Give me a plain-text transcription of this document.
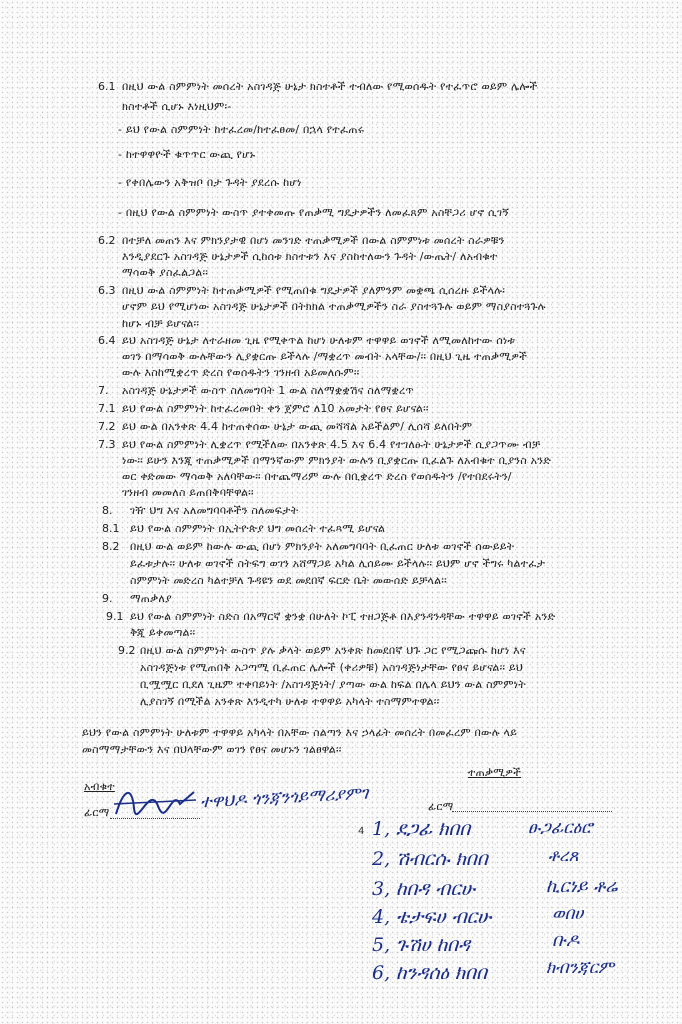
6.1 በዚህ ውል ስምምነት መሰረት አስገዳጅ ሁኔታ ክስተቶች ተብለው የሚወሰዱት የተፈጥሮ ወይም ሌሎች
ክስተቶች ሲሆኑ እነዚህም፡-
- ይህ የውል ስምምነት ከተፈረመ/ከተፈፀመ/ በኋላ የተፈጠሩ
- ከተዋዋዮች ቁጥጥር ውጪ የሆኑ
- የቀበሌውን አቅዝቦ በታ ጉዳት ያደረሱ ከሆነ
- በዚህ የውል ስምምነት ውስጥ ያተቀመጡ የጠቃሚ ግዴታዎችን ለመፈጸም አስቸጋሪ ሆኖ ሲገኝ
6.2 በተቻለ መጠን እና ምክንያታዊ በሆነ መንገድ ተጠቃሚዎች በውል ስምምነቱ መሰረት ስራዎቹን
እንዲያደርጉ አስገዳጅ ሁኔታዎች ሲከሰቱ ክስተቱን እና ያስከተለውን ጉዳት /ውጤት/ ለአብቁተ
ማሳወቅ ያስፈልጋል፡፡
6.3 በዚህ ውል ስምምነት ከተጠቃሚዎች የሚጠበቁ ግዴታዎች ያለምንም መቋጫ ሲሰረዙ ይችላሉ፡
ሆኖም ይህ የሚሆነው አስገዳጅ ሁኔታዎች በትክክል ተጠቃሚዎችን ስራ ያስተጓጉሉ ወይም ማስያስተጓጉሉ
ከሆኑ ብቻ ይሆናል፡፡
6.4 ይህ አስገዳጅ ሁኔታ ለተራዘመ ጊዜ የሚቀጥል ከሆነ ሁለቱም ተዋዋይ ወገኖች ለሚመለከተው ሰነቱ
ወገን በማሳወቅ ውሉቸውን ሊያቋርጡ ይችላሉ /ማቋረጥ መብት አላቸው/፡፡ በዚህ ጊዜ ተጠቃሚዎች
ውሉ እስከሚቋረጥ ድረስ የወሰዱትን ገንዘብ አይመለሱም፡፡
7. አስገዳጅ ሁኔታዎች ውስጥ ስለመግባት 1 ውል ስለማቋቋሽና ስለማቋረጥ
7.1 ይህ የውል ስምምነት ከተፈረመበት ቀን ጀምሮ ለ10 አመታት የፀና ይሆናል፡፡
7.2 ይህ ውል በአንቀጽ 4.4 ከተጠቀሰው ሁኔታ ውጪ መሻሻል አይችልም/ ሊሰሻ ይለበትም
7.3 ይህ የውል ስምምነት ሊቋረጥ የሚችለው በአንቀጽ 4.5 እና 6.4 የተገለፁት ሁኔታዎች ሲያጋጥሙ ብቻ
ነው፡፡ ይሁን እንጂ ተጠቃሚዎች በማንኛውም ምክንያት ውሉን ቢያቋርጡ ቢፈልጉ ለአብቁተ ቢያንስ አንድ
ወር ቀድመው ማሳወቅ አለባቸው፡፡ በተጨማሪም ውሉ በቢቋረጥ ድረስ የወሰዱትን /የተበደሩትን/
ገንዘብ መመለስ ይጠበቅባቸዋል፡፡
8. ገዥ ህግ እና አለመግባባቶችን ስለመፍታት
8.1 ይህ የውል ስምምነት በኢትዮጵያ ህግ መሰረት ተፈጻሚ ይሆናል
8.2 በዚህ ውል ወይም ከውሉ ውጪ በሆነ ምክንያት አለመግባባት ቢፈጠር ሁለቱ ወገኖች ሰውይይት
ይፈቱታሉ፡፡ ሁለቱ ወገኖች ስትፍግ ወገን አሸማጋይ አካል ሊሰይሙ ይችላሉ፡፡ ይህም ሆኖ ችግሩ ካልተፈታ
ስምምነት መድረስ ካልተቻለ ጉዳዩን ወደ መደበኛ ፍርድ ቤት መውሰድ ይቻላል፡፡
9. ማጠቃለያ
9.1 ይህ የውል ስምምነት ስድስ በአማርኛ ቋንቋ በሁለት ኮፒ ተዘጋጅቶ በእያንዳንዳቸው ተዋዋይ ወገኖች አንድ
ቅጂ ይቀመጣል፡፡
9.2 በዚህ ውል ስምምነት ውስጥ ያሉ ቃላት ወይም አንቀጽ ከመደበኛ ህጉ ጋር የሚጋጩሱ ከሆነ እና
አስገዳጅነቱ የሚጠበቅ አጋጣሚ ቢፈጠር ሌሎች (ቀሪዎቹ) አስገዳጅነታቸው የፀና ይሆናል፡፡ ይህ
ቢሟሟር ቢደለ ጊዜም ተቀባይነት /አስገዳጅነት/ ያጣው ውል ከፍል በሌላ ይህን ውል ስምምነት
ሊያስገኝ በሚችል አንቀጽ እንዲተካ ሁለቱ ተዋዋይ አካላት ተስማምተዋል፡፡
ይህን የውል ስምምነት ሁለቱም ተዋዋይ አካላት በአቸው ስልጣን እና ኃላፊት መሰረት በመፈረም በውሉ ላይ
መስማማታቸውን እና በህላቸውም ወገን የፀና መሆኑን ገልፀዋል፡፡
አብቁተ
ፊርማ
ተዋህዶ ጎንጃንጎይማሪያምገ
ተጠቃሚዎች
ፊርማ
4 1, ደጋፊ ክበበ	ፁጋፊርዕሮ
2, ሽብርሱ ክበበ	ቶረጸ
3, ከበዳ ብርሁ	ኪርነይ ቶሬ
4, ቴታፍሀ ብርሁ	ወበሀ
5, ጉሽሀ ከበዳ	ቡዶ
6, ከንዳሰዕ ክበበ	ክብንጃርም
